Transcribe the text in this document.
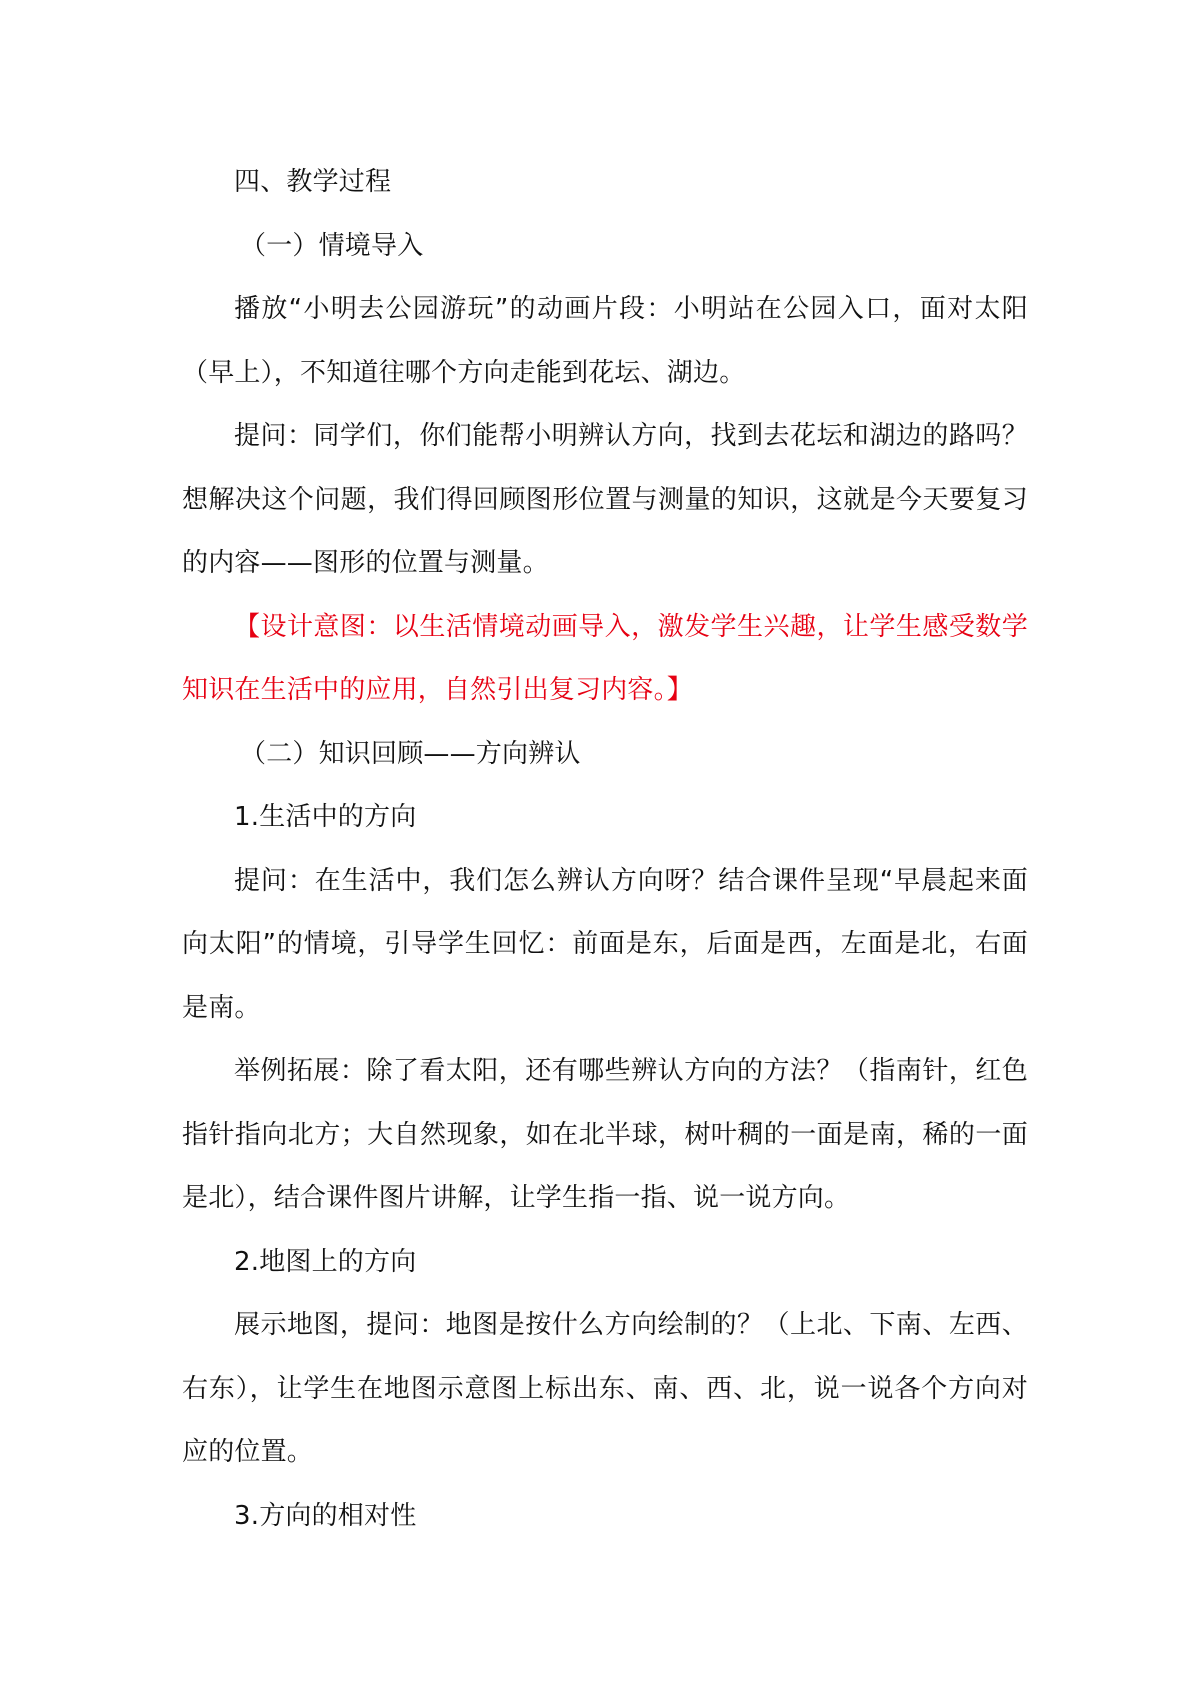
四、教学过程

（一）情境导入

播放“小明去公园游玩”的动画片段：小明站在公园入口，面对太阳（早上），不知道往哪个方向走能到花坛、湖边。

提问：同学们，你们能帮小明辨认方向，找到去花坛和湖边的路吗？想解决这个问题，我们得回顾图形位置与测量的知识，这就是今天要复习的内容——图形的位置与测量。

【设计意图：以生活情境动画导入，激发学生兴趣，让学生感受数学知识在生活中的应用，自然引出复习内容。】

（二）知识回顾——方向辨认

1.生活中的方向

提问：在生活中，我们怎么辨认方向呀？结合课件呈现“早晨起来面向太阳”的情境，引导学生回忆：前面是东，后面是西，左面是北，右面是南。

举例拓展：除了看太阳，还有哪些辨认方向的方法？（指南针，红色指针指向北方；大自然现象，如在北半球，树叶稠的一面是南，稀的一面是北），结合课件图片讲解，让学生指一指、说一说方向。

2.地图上的方向

展示地图，提问：地图是按什么方向绘制的？（上北、下南、左西、右东），让学生在地图示意图上标出东、南、西、北，说一说各个方向对应的位置。

3.方向的相对性
